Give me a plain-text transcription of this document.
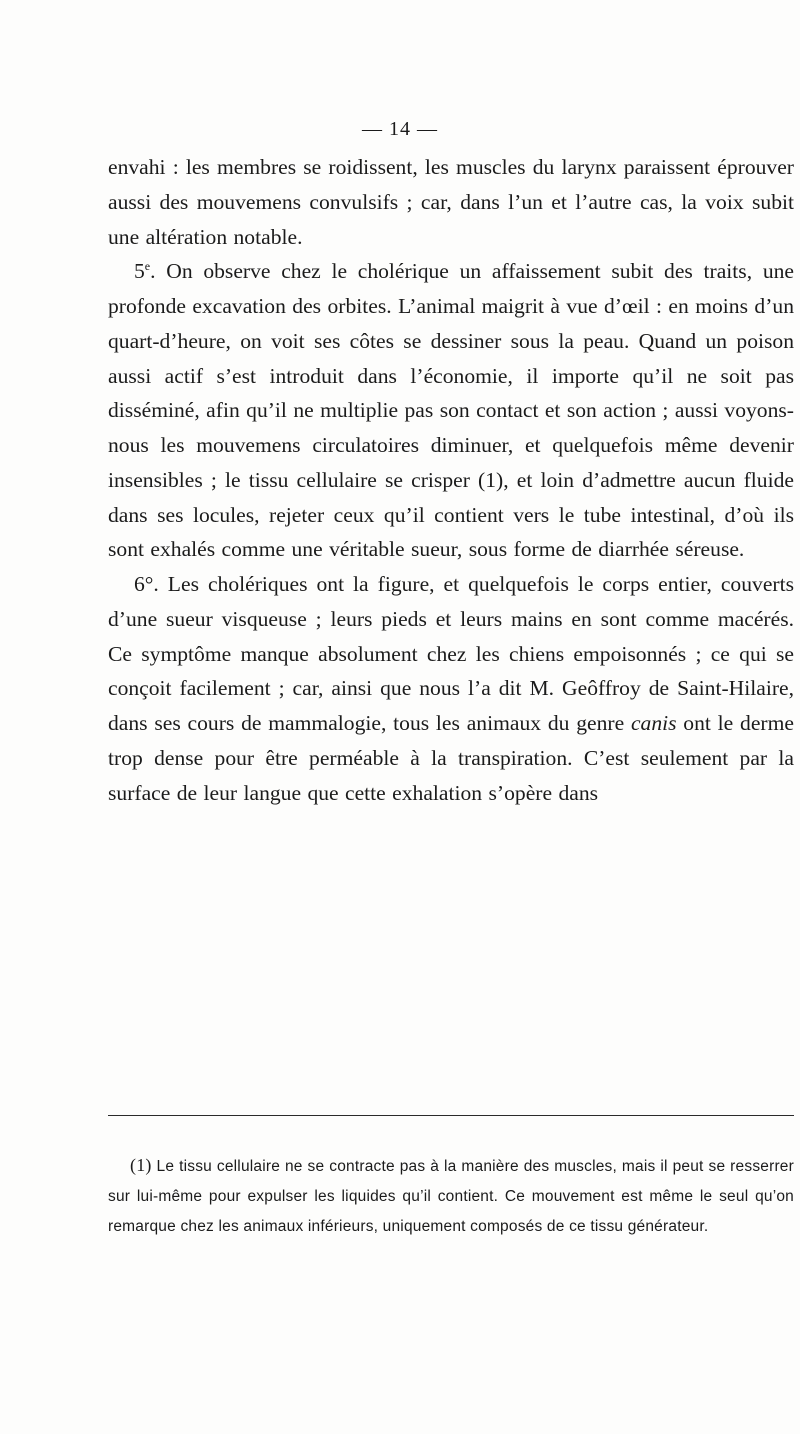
— 14 —

envahi : les membres se roidissent, les muscles du larynx paraissent éprouver aussi des mouvemens convulsifs ; car, dans l’un et l’autre cas, la voix subit une altération notable.

5e. On observe chez le cholérique un affaissement subit des traits, une profonde excavation des orbites. L’animal maigrit à vue d’œil : en moins d’un quart-d’heure, on voit ses côtes se dessiner sous la peau. Quand un poison aussi actif s’est introduit dans l’économie, il importe qu’il ne soit pas disséminé, afin qu’il ne multiplie pas son contact et son action ; aussi voyons-nous les mouvemens circulatoires diminuer, et quelquefois même devenir insensibles ; le tissu cellulaire se crisper (1), et loin d’admettre aucun fluide dans ses locules, rejeter ceux qu’il contient vers le tube intestinal, d’où ils sont exhalés comme une véritable sueur, sous forme de diarrhée séreuse.

6°. Les cholériques ont la figure, et quelquefois le corps entier, couverts d’une sueur visqueuse ; leurs pieds et leurs mains en sont comme macérés. Ce symptôme manque absolument chez les chiens empoisonnés ; ce qui se conçoit facilement ; car, ainsi que nous l’a dit M. Geôffroy de Saint-Hilaire, dans ses cours de mammalogie, tous les animaux du genre canis ont le derme trop dense pour être perméable à la transpiration. C’est seulement par la surface de leur langue que cette exhalation s’opère dans

(1) Le tissu cellulaire ne se contracte pas à la manière des muscles, mais il peut se resserrer sur lui-même pour expulser les liquides qu’il contient. Ce mouvement est même le seul qu’on remarque chez les animaux inférieurs, uniquement composés de ce tissu générateur.
